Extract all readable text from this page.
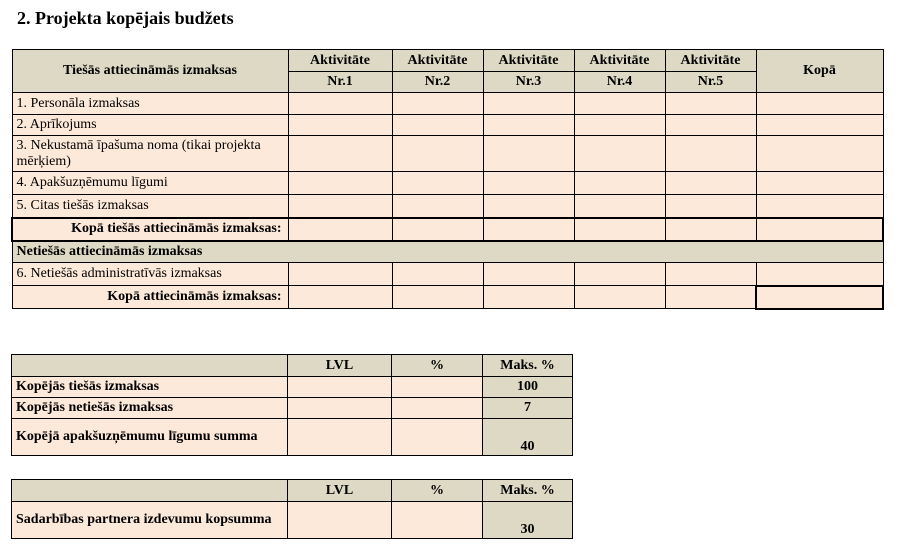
2. Projekta kopējais budžets
Tiešās attiecināmās izmaksas	Aktivitāte	Aktivitāte	Aktivitāte	Aktivitāte	Aktivitāte	Kopā
	Nr.1	Nr.2	Nr.3	Nr.4	Nr.5	
1. Personāla izmaksas						
2. Aprīkojums						
3. Nekustamā īpašuma noma (tikai projekta mērķiem)						
4. Apakšuzņēmumu līgumi						
5. Citas tiešās izmaksas						
Kopā tiešās attiecināmās izmaksas:						
Netiešās attiecināmās izmaksas						
6. Netiešās administratīvās izmaksas						
Kopā attiecināmās izmaksas:						
	LVL	%	Maks. %
Kopējās tiešās izmaksas			100
Kopējās netiešās izmaksas			7
Kopējā apakšuzņēmumu līgumu summa			40
	LVL	%	Maks. %
Sadarbības partnera izdevumu kopsumma			30
